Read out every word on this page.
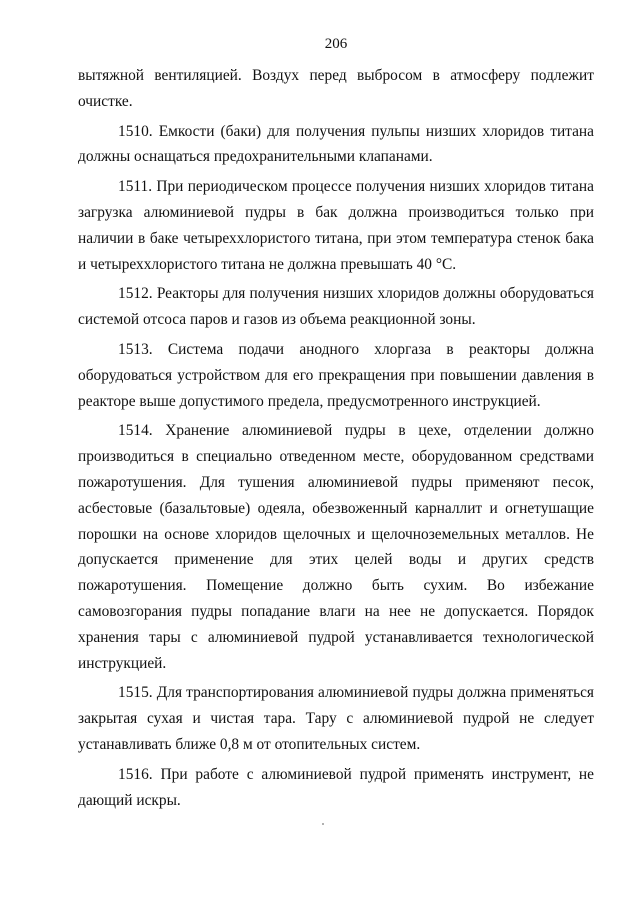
206

вытяжной вентиляцией. Воздух перед выбросом в атмосферу подлежит очистке.

1510. Емкости (баки) для получения пульпы низших хлоридов титана должны оснащаться предохранительными клапанами.

1511. При периодическом процессе получения низших хлоридов титана загрузка алюминиевой пудры в бак должна производиться только при наличии в баке четыреххлористого титана, при этом температура стенок бака и четыреххлористого титана не должна превышать 40 °С.

1512. Реакторы для получения низших хлоридов должны оборудоваться системой отсоса паров и газов из объема реакционной зоны.

1513. Система подачи анодного хлоргаза в реакторы должна оборудоваться устройством для его прекращения при повышении давления в реакторе выше допустимого предела, предусмотренного инструкцией.

1514. Хранение алюминиевой пудры в цехе, отделении должно производиться в специально отведенном месте, оборудованном средствами пожаротушения. Для тушения алюминиевой пудры применяют песок, асбестовые (базальтовые) одеяла, обезвоженный карналлит и огнетушащие порошки на основе хлоридов щелочных и щелочноземельных металлов. Не допускается применение для этих целей воды и других средств пожаротушения. Помещение должно быть сухим. Во избежание самовозгорания пудры попадание влаги на нее не допускается. Порядок хранения тары с алюминиевой пудрой устанавливается технологической инструкцией.

1515. Для транспортирования алюминиевой пудры должна применяться закрытая сухая и чистая тара. Тару с алюминиевой пудрой не следует устанавливать ближе 0,8 м от отопительных систем.

1516. При работе с алюминиевой пудрой применять инструмент, не дающий искры.
